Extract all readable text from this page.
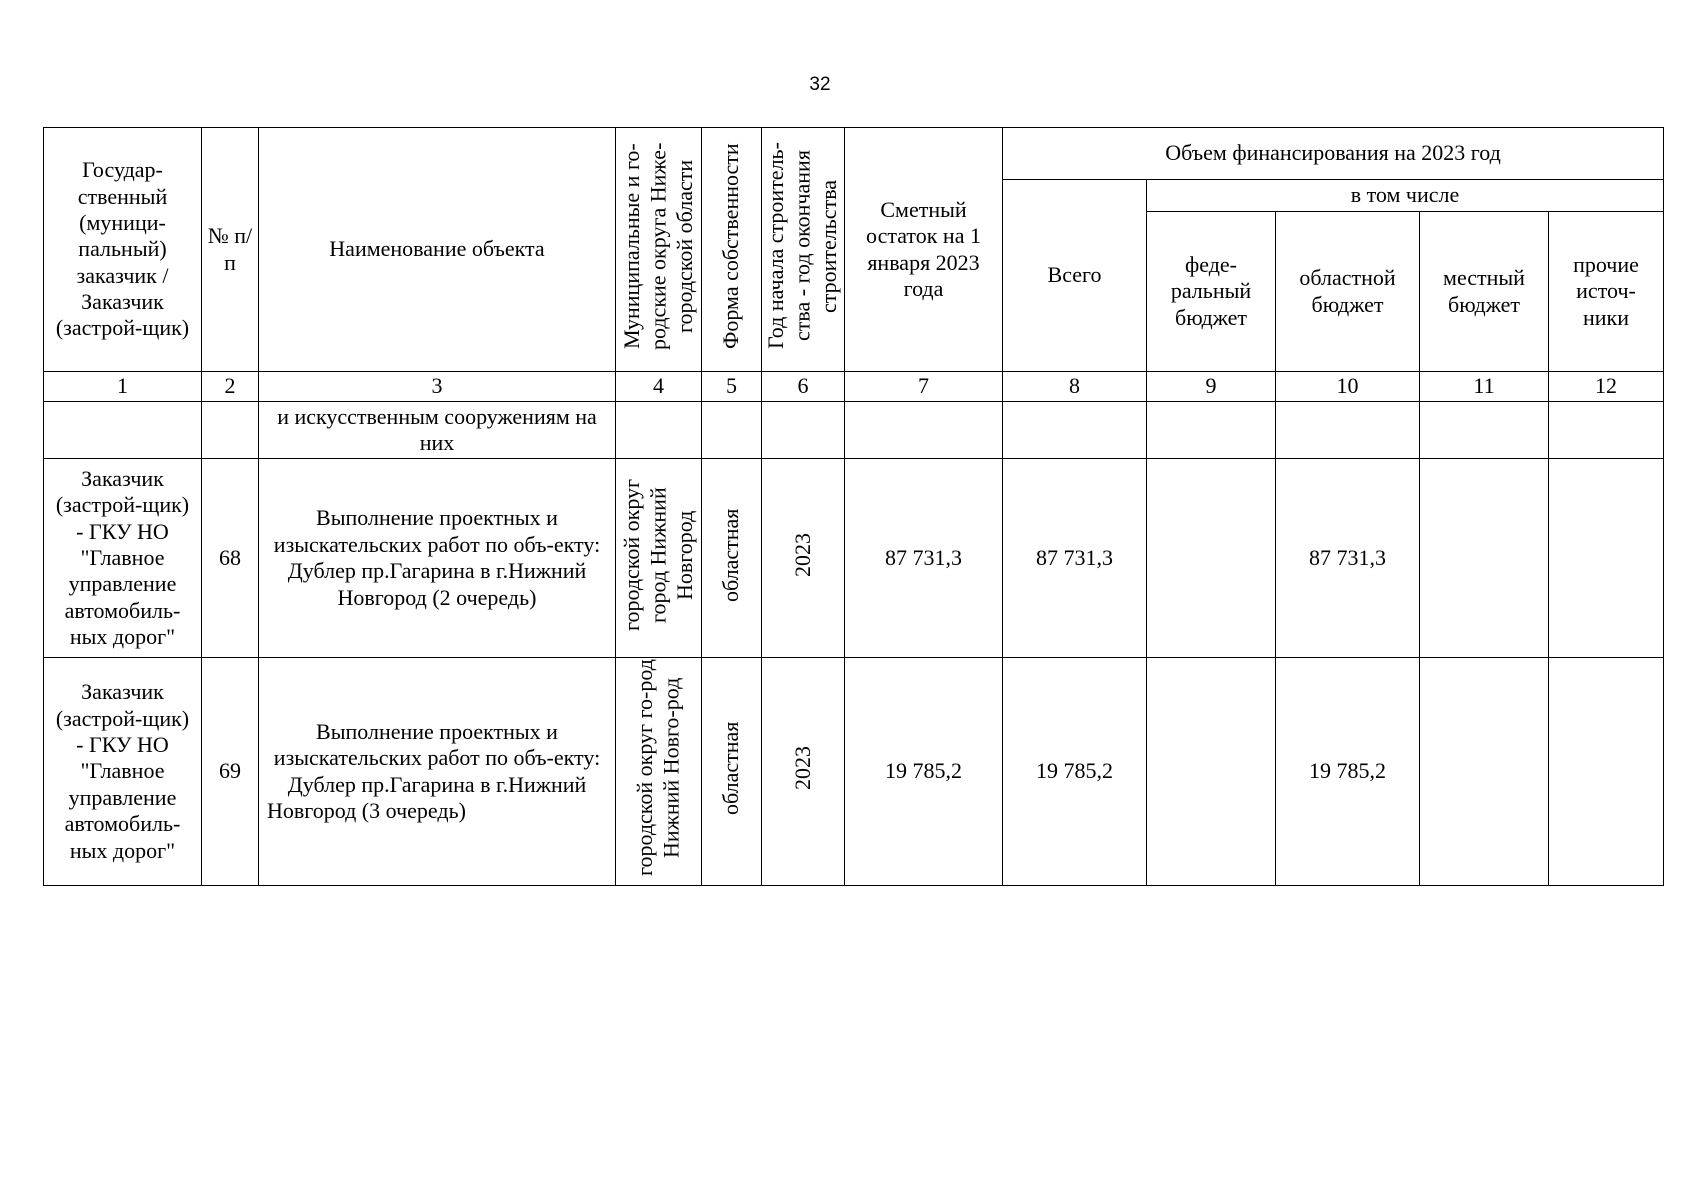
32
Государ-ственный (муници-пальный) заказчик / Заказчик (застрой-щик)	№ п/п	Наименование объекта	Муниципальные и го-родские округа Ниже-городской области	Форма собственности	Год начала строитель-ства - год окончания строительства	Сметный остаток на 1 января 2023 года	Объем финансирования на 2023 год				
							Всего	в том числе			
								феде-ральный бюджет	областной бюджет	местный бюджет	прочие источ-ники
1	2	3	4	5	6	7	8	9	10	11	12
		и искусственным сооружениям на них									
Заказчик (застрой-щик) - ГКУ НО "Главное управление автомобиль-ных дорог"	68	Выполнение проектных и изыскательских работ по объ-екту: Дублер пр.Гагарина в г.Нижний Новгород (2 очередь)	городской округ город Нижний Новгород	областная	2023	87 731,3	87 731,3		87 731,3		
Заказчик (застрой-щик) - ГКУ НО "Главное управление автомобиль-ных дорог"	69	Выполнение проектных и изыскательских работ по объ-екту: Дублер пр.Гагарина в г.Нижний Новгород (3 очередь)	городской округ го-род Нижний Новго-род	областная	2023	19 785,2	19 785,2		19 785,2		
